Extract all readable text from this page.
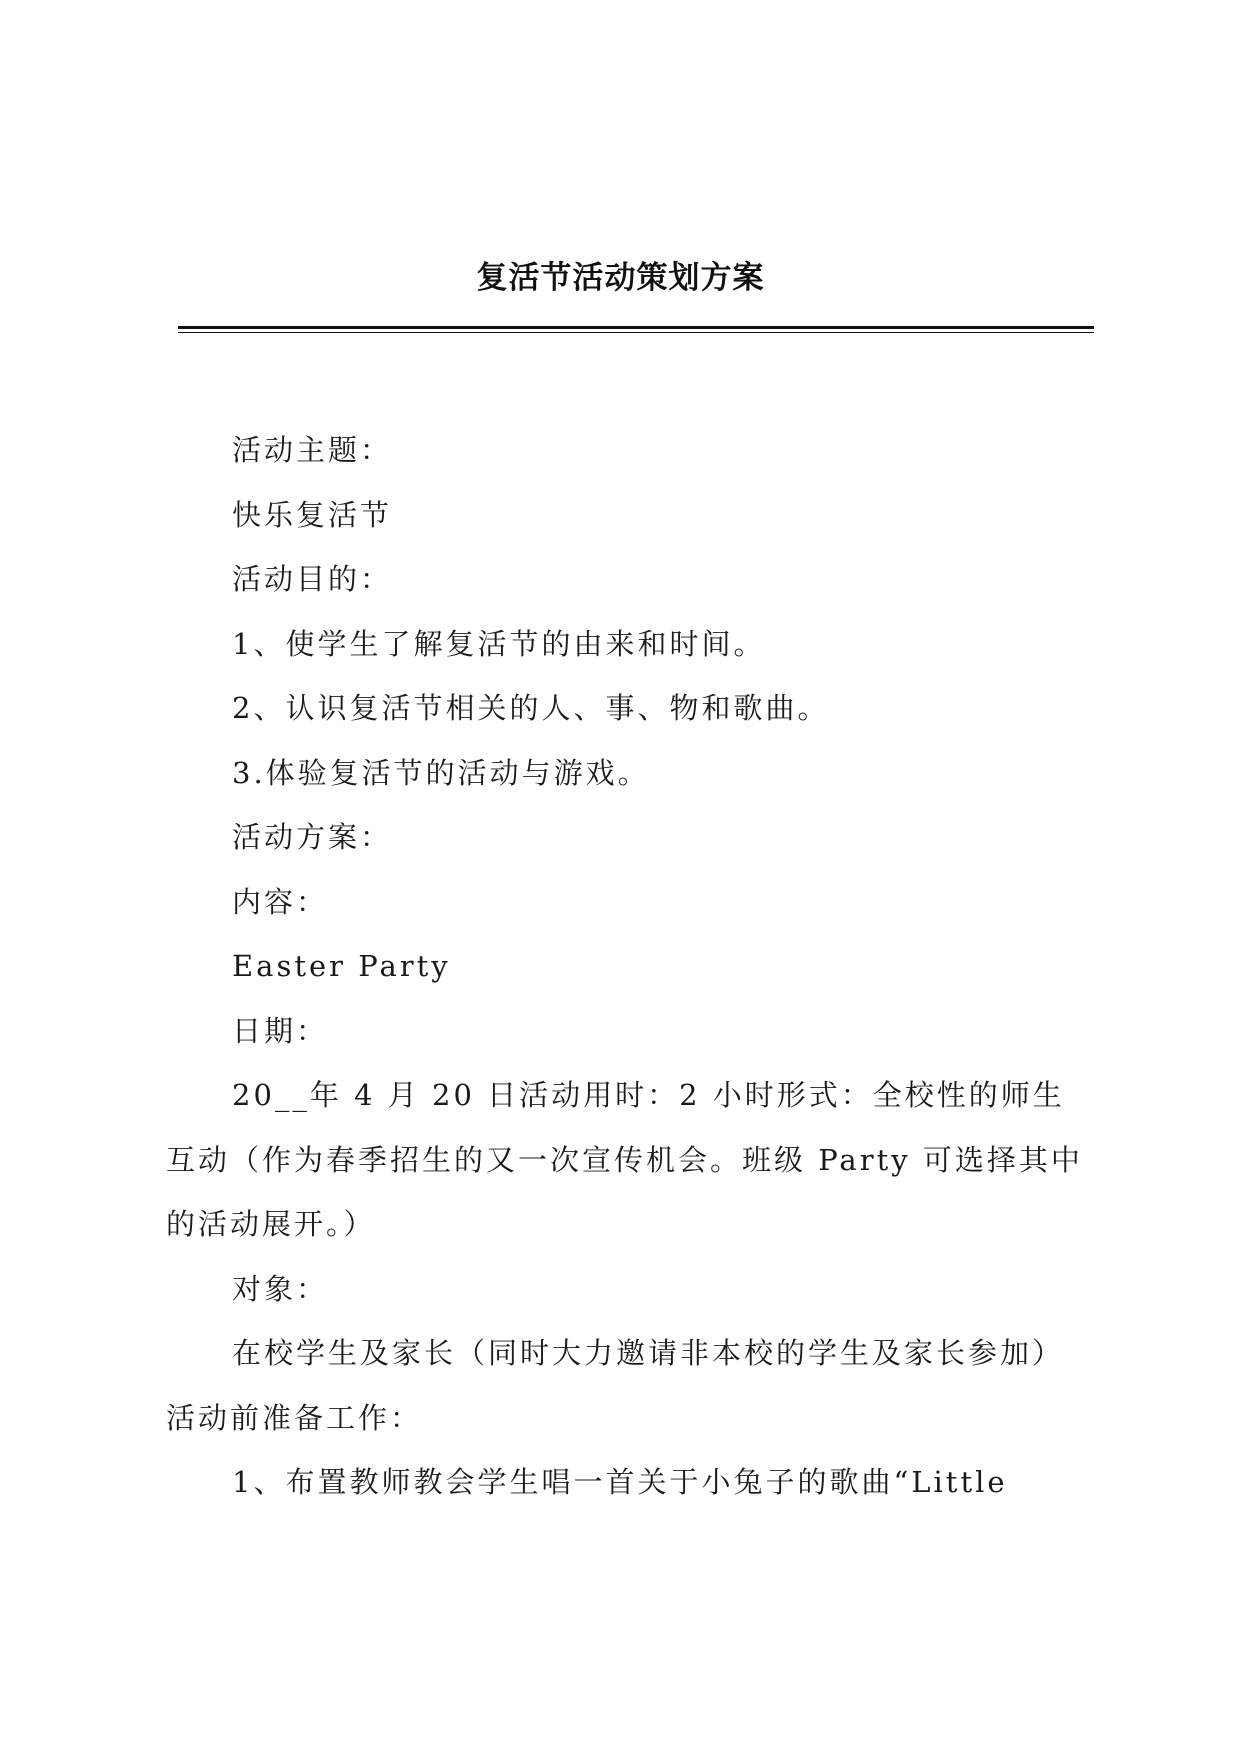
复活节活动策划方案

活动主题：

快乐复活节

活动目的：

1、使学生了解复活节的由来和时间。

2、认识复活节相关的人、事、物和歌曲。

3.体验复活节的活动与游戏。

活动方案：

内容：

Easter Party

日期：

20__年 4 月 20 日活动用时：2 小时形式：全校性的师生互动（作为春季招生的又一次宣传机会。班级 Party 可选择其中的活动展开。）

对象：

在校学生及家长（同时大力邀请非本校的学生及家长参加）

活动前准备工作：

1、布置教师教会学生唱一首关于小兔子的歌曲“Little
